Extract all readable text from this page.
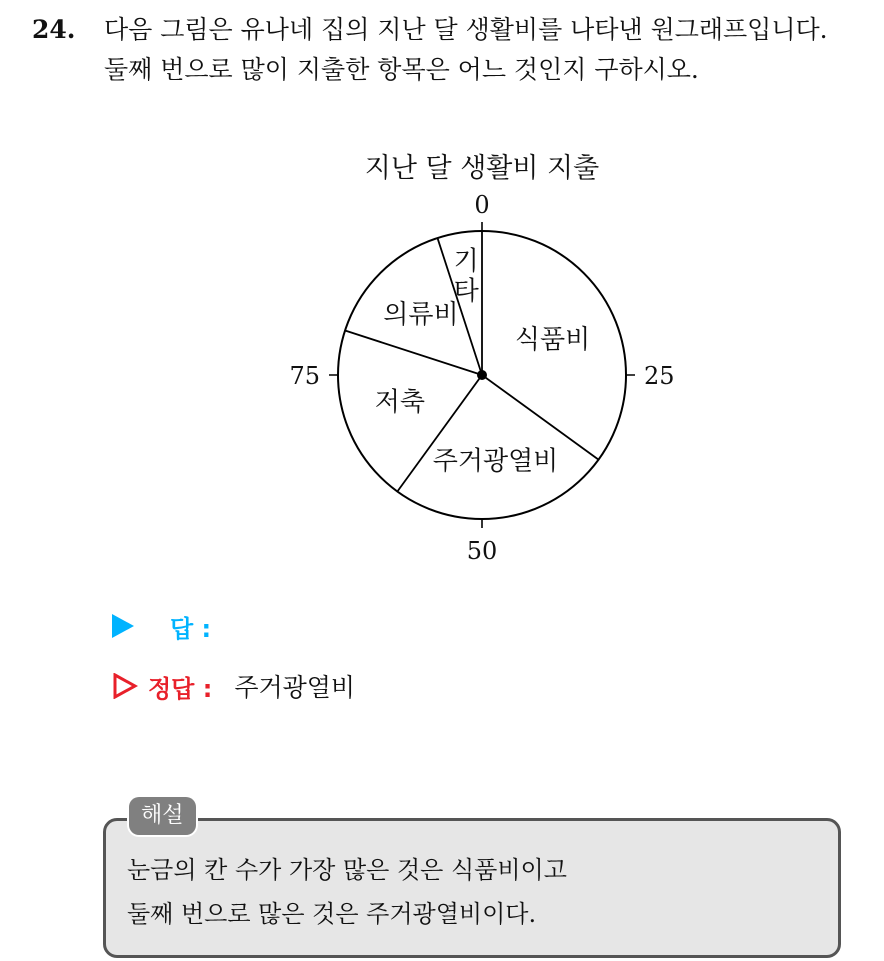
24. 다음 그림은 유나네 집의 지난 달 생활비를 나타낸 원그래프입니다.
둘째 번으로 많이 지출한 항목은 어느 것인지 구하시오.
지난 달 생활비 지출
0
25
50
75
식품비
주거광열비
저축
의류비
기
타
답 :
정답 : 주거광열비
해설
눈금의 칸 수가 가장 많은 것은 식품비이고
둘째 번으로 많은 것은 주거광열비이다.
